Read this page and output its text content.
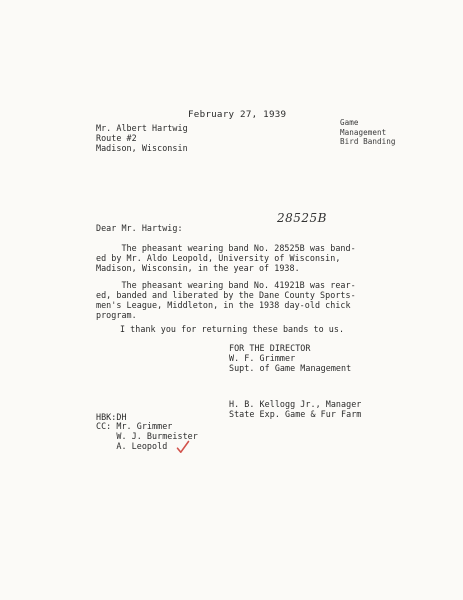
February 27, 1939
Mr. Albert Hartwig
Route #2
Madison, Wisconsin
Game
Management
Bird Banding
Dear Mr. Hartwig:
28525B
The pheasant wearing band No. 28525B was band-
ed by Mr. Aldo Leopold, University of Wisconsin,
Madison, Wisconsin, in the year of 1938.
The pheasant wearing band No. 41921B was rear-
ed, banded and liberated by the Dane County Sports-
men's League, Middleton, in the 1938 day-old chick
program.
I thank you for returning these bands to us.
FOR THE DIRECTOR
W. F. Grimmer
Supt. of Game Management
H. B. Kellogg Jr., Manager
State Exp. Game & Fur Farm
HBK:DH
CC: Mr. Grimmer
W. J. Burmeister
A. Leopold
